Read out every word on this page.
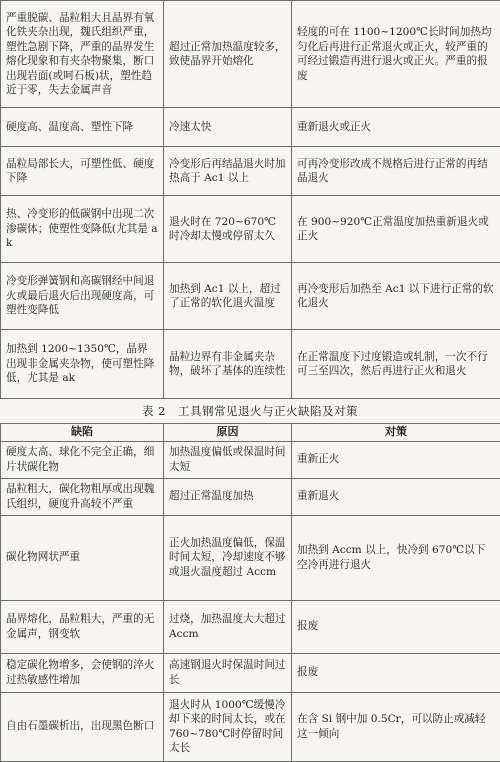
严重脱碳、晶粒粗大且晶界有氧化铁夹杂出现，魏氏组织严重，塑性急剧下降，严重的晶界发生熔化现象和有夹杂物聚集，断口出现岩面(或呵石板)状，塑性趋近于零，失去金属声音	超过正常加热温度较多，致使晶界开始熔化	轻度的可在 1100~1200℃长时间加热均匀化后再进行正常退火或正火，较严重的可经过锻造再进行退火或正火。严重的报废
硬度高、温度高、塑性下降	冷速太快	重新退火或正火
晶粒局部长大，可塑性低、硬度下降	冷变形后再结晶退火时加热高于 Ac1 以上	可再冷变形改成不规格后进行正常的再结晶退火
热、冷变形的低碳钢中出现二次渗碳体；使塑性变降低(尤其是 ak	退火时在 720~670℃时冷却太慢或停留太久	在 900~920℃正常温度加热重新退火或正火
冷变形弹簧钢和高碳钢经中间退火或最后退火后出现硬度高，可塑性变降低	加热到 Ac1 以上，超过了正常的软化退火温度	再冷变形后加热至 Ac1 以下进行正常的软化退火
加热到 1200~1350℃，晶界出现非金属夹杂物，使可塑性降低，尤其是 ak	晶粒边界有非金属夹杂物，破坏了基体的连续性	在正常温度下过度锻造或轧制，一次不行可三至四次，然后再进行正火和退火
表 2　工具钢常见退火与正火缺陷及对策
缺陷	原因	对策
硬度太高、球化不完全正确，细片状碳化物	加热温度偏低或保温时间太短	重新正火
晶粒粗大，碳化物粗厚或出现魏氏组织，硬度升高较不严重	超过正常温度加热	重新退火
碳化物网状严重	正火加热温度偏低，保温时间太短，冷却速度不够或退火温度超过 Accm	加热到 Accm 以上，快冷到 670℃以下空冷再进行退火
晶界熔化，晶粒粗大，严重的无金属声，钢变软	过烧，加热温度大大超过 Accm	报废
稳定碳化物增多，会使钢的淬火过热敏感性增加	高速钢退火时保温时间过长	报废
自由石墨碳析出，出现黑色断口	退火时从 1000℃缓慢冷却下来的时间太长，或在 760~780℃时停留时间太长	在含 Si 钢中加 0.5Cr，可以防止或减轻这一倾向
